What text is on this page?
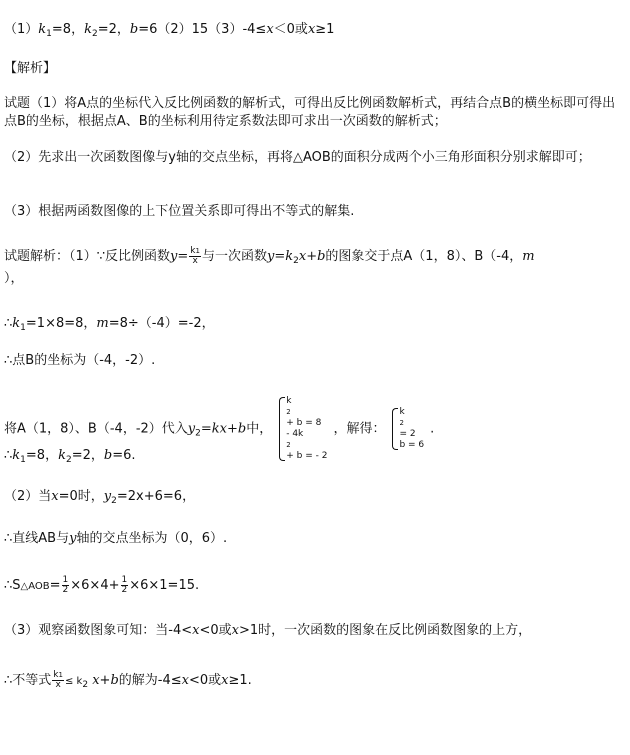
$(1)k_1=8$，$k_2=2$，b=6（2）15（3）-4≤x＜0或x≥1
【解析】
试题（1）将A点的坐标代入反比例函数的解析式，可得出反比例函数解析式，再结合点B的横坐标即可得出点B的坐标，根据点A、B的坐标利用待定系数法即可求出一次函数的解析式；
（2）先求出一次函数图像与y轴的交点坐标，再将△AOB的面积分成两个小三角形面积分别求解即可；
（3）根据两函数图像的上下位置关系即可得出不等式的解集.
试题解析：（1）∵反比例函数$y= \frac{k1}{x}$ 与一次函数$y=k_2x+b$的图象交于点A（1，8）、B（-4，m
），
$\therefore k_1=1\times 8=8$，m=8÷（-4）=-2，
∴点B的坐标为（-4，-2）.
将A（1，8）、B（-4，-2）代入$y_2=kx+b$中，
k
2
+ b = 8
- 4k
2
+ b = - 2
，解得：
k
2
= 2
b = 6
.
$\therefore k_1=8$，$k_2=2$，b=6.
（2）当x=0时，$y_2=2x+6=6$，
∴直线AB与y轴的交点坐标为（0，6）.
∴S△AOB= $\frac{1}{2} \times 6\times 4+ \frac{1}{2} \times 6\times 1=15$.
（3）观察函数图象可知：当-4<x<0或x>1时，一次函数的图象在反比例函数图象的上方，
∴不等式 $\frac{k1}{x} \le k_2$ x+b的解为-4≤x<0或x≥1.
